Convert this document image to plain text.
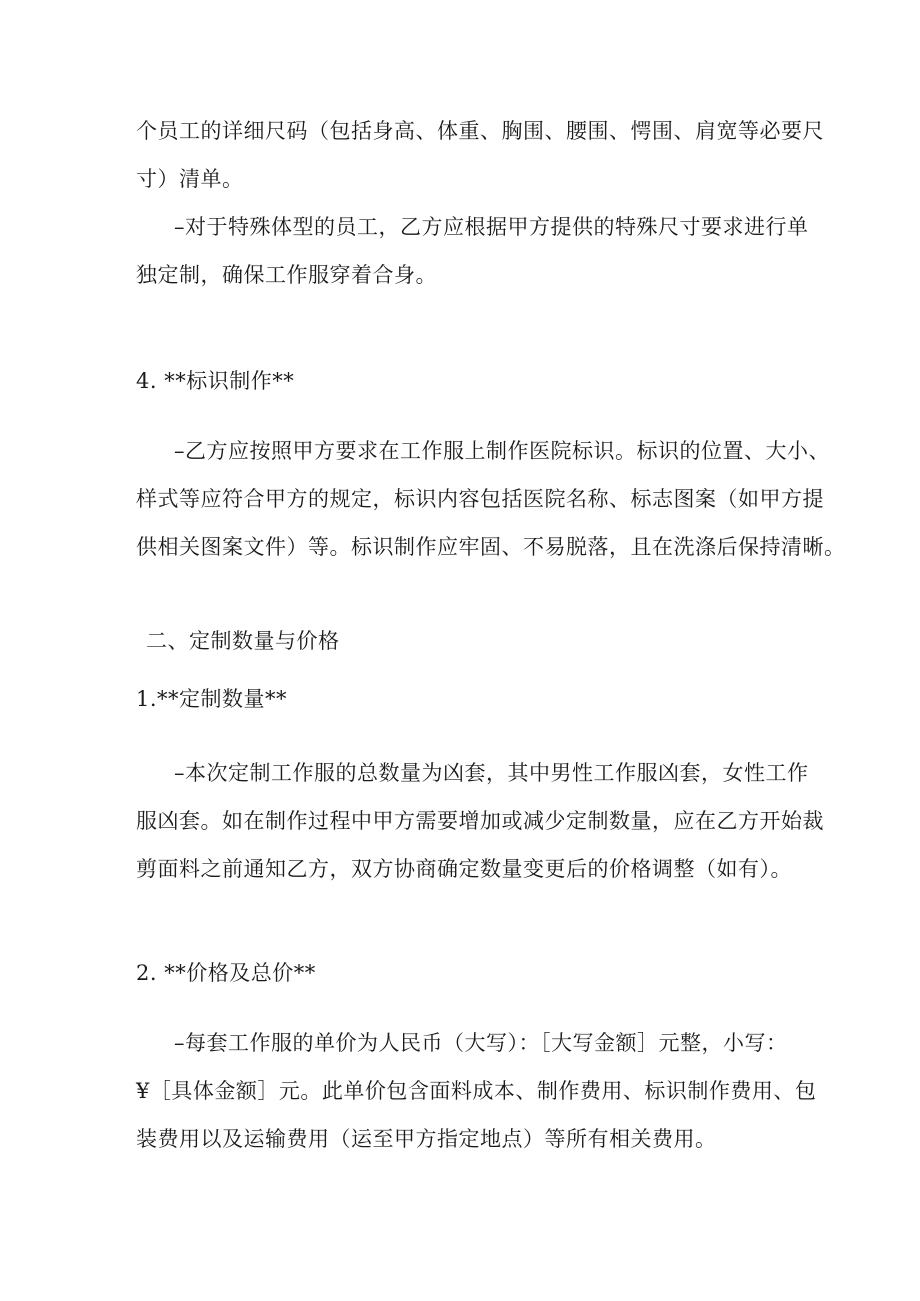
个员工的详细尺码（包括身高、体重、胸围、腰围、愕围、肩宽等必要尺
寸）清单。
–对于特殊体型的员工，乙方应根据甲方提供的特殊尺寸要求进行单
独定制，确保工作服穿着合身。
4. **标识制作**
–乙方应按照甲方要求在工作服上制作医院标识。标识的位置、大小、
样式等应符合甲方的规定，标识内容包括医院名称、标志图案（如甲方提
供相关图案文件）等。标识制作应牢固、不易脱落，且在洗涤后保持清晰。
二、定制数量与价格
1.**定制数量**
–本次定制工作服的总数量为凶套，其中男性工作服凶套，女性工作
服凶套。如在制作过程中甲方需要增加或减少定制数量，应在乙方开始裁
剪面料之前通知乙方，双方协商确定数量变更后的价格调整（如有）。
2. **价格及总价**
–每套工作服的单价为人民币（大写）：［大写金额］元整，小写：
¥［具体金额］元。此单价包含面料成本、制作费用、标识制作费用、包
装费用以及运输费用（运至甲方指定地点）等所有相关费用。
